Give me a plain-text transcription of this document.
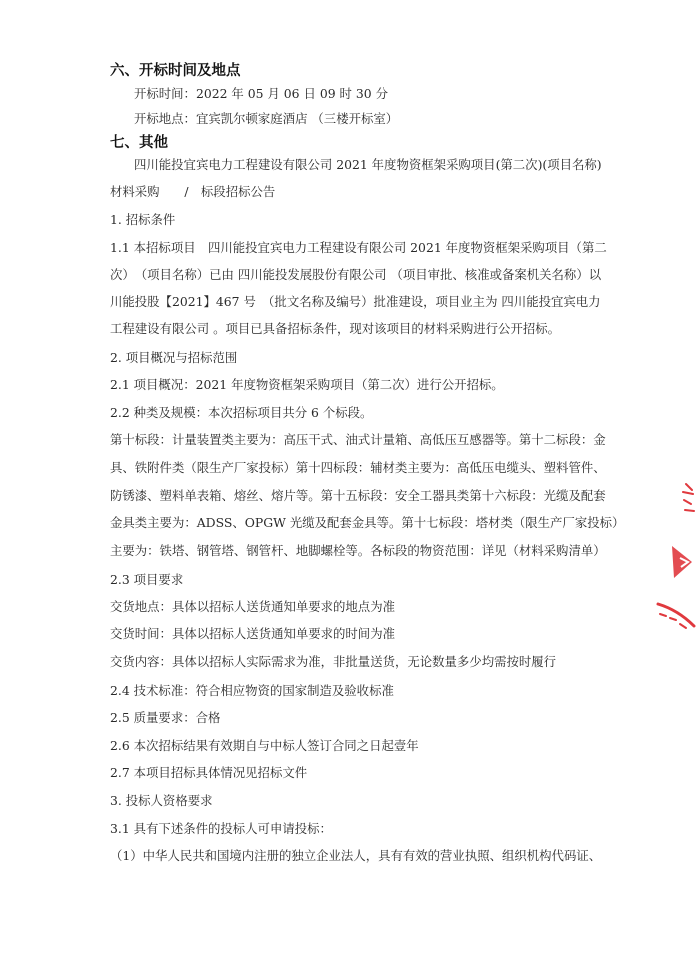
六、开标时间及地点

开标时间：2022 年 05 月 06 日 09 时 30 分

开标地点：宜宾凯尔顿家庭酒店 （三楼开标室）

七、其他

四川能投宜宾电力工程建设有限公司 2021 年度物资框架采购项目(第二次)(项目名称)

材料采购　　/　标段招标公告

1. 招标条件

1.1 本招标项目　四川能投宜宾电力工程建设有限公司 2021 年度物资框架采购项目（第二

次）　（项目名称）已由 四川能投发展股份有限公司 （项目审批、核准或备案机关名称）以

川能投股【2021】467 号　（批文名称及编号）批准建设，项目业主为 四川能投宜宾电力

工程建设有限公司 。项目已具备招标条件，现对该项目的材料采购进行公开招标。

2. 项目概况与招标范围

2.1 项目概况：2021 年度物资框架采购项目（第二次）进行公开招标。

2.2 种类及规模：本次招标项目共分 6 个标段。

第十标段：计量装置类主要为：高压干式、油式计量箱、高低压互感器等。第十二标段：金

具、铁附件类（限生产厂家投标）第十四标段：辅材类主要为：高低压电缆头、塑料管件、

防锈漆、塑料单表箱、熔丝、熔片等。第十五标段：安全工器具类第十六标段：光缆及配套

金具类主要为：ADSS、OPGW 光缆及配套金具等。第十七标段：塔材类（限生产厂家投标）

主要为：铁塔、钢管塔、钢管杆、地脚螺栓等。各标段的物资范围：详见（材料采购清单）

2.3 项目要求

交货地点：具体以招标人送货通知单要求的地点为准

交货时间：具体以招标人送货通知单要求的时间为准

交货内容：具体以招标人实际需求为准，非批量送货，无论数量多少均需按时履行

2.4 技术标准：符合相应物资的国家制造及验收标准

2.5 质量要求：合格

2.6 本次招标结果有效期自与中标人签订合同之日起壹年

2.7 本项目招标具体情况见招标文件

3. 投标人资格要求

3.1 具有下述条件的投标人可申请投标：

（1）中华人民共和国境内注册的独立企业法人，具有有效的营业执照、组织机构代码证、
